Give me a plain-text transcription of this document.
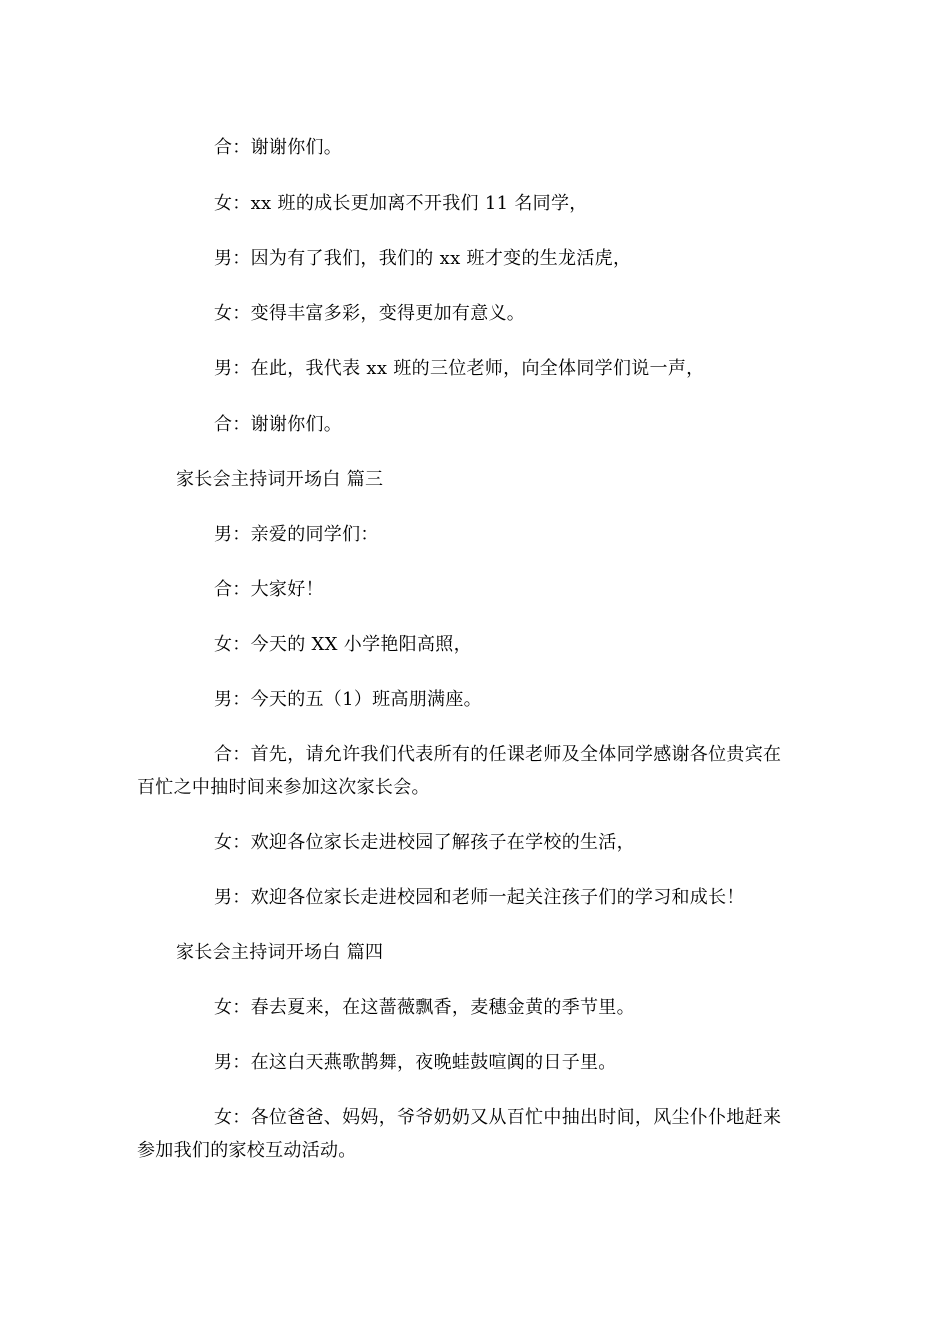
合：谢谢你们。
女：xx 班的成长更加离不开我们 11 名同学，
男：因为有了我们，我们的 xx 班才变的生龙活虎，
女：变得丰富多彩，变得更加有意义。
男：在此，我代表 xx 班的三位老师，向全体同学们说一声，
合：谢谢你们。
家长会主持词开场白 篇三
男：亲爱的同学们：
合：大家好！
女：今天的 XX 小学艳阳高照，
男：今天的五（1）班高朋满座。
合：首先，请允许我们代表所有的任课老师及全体同学感谢各位贵宾在
百忙之中抽时间来参加这次家长会。
女：欢迎各位家长走进校园了解孩子在学校的生活，
男：欢迎各位家长走进校园和老师一起关注孩子们的学习和成长！
家长会主持词开场白 篇四
女：春去夏来，在这蔷薇飘香，麦穗金黄的季节里。
男：在这白天燕歌鹊舞，夜晚蛙鼓喧阗的日子里。
女：各位爸爸、妈妈，爷爷奶奶又从百忙中抽出时间，风尘仆仆地赶来
参加我们的家校互动活动。
